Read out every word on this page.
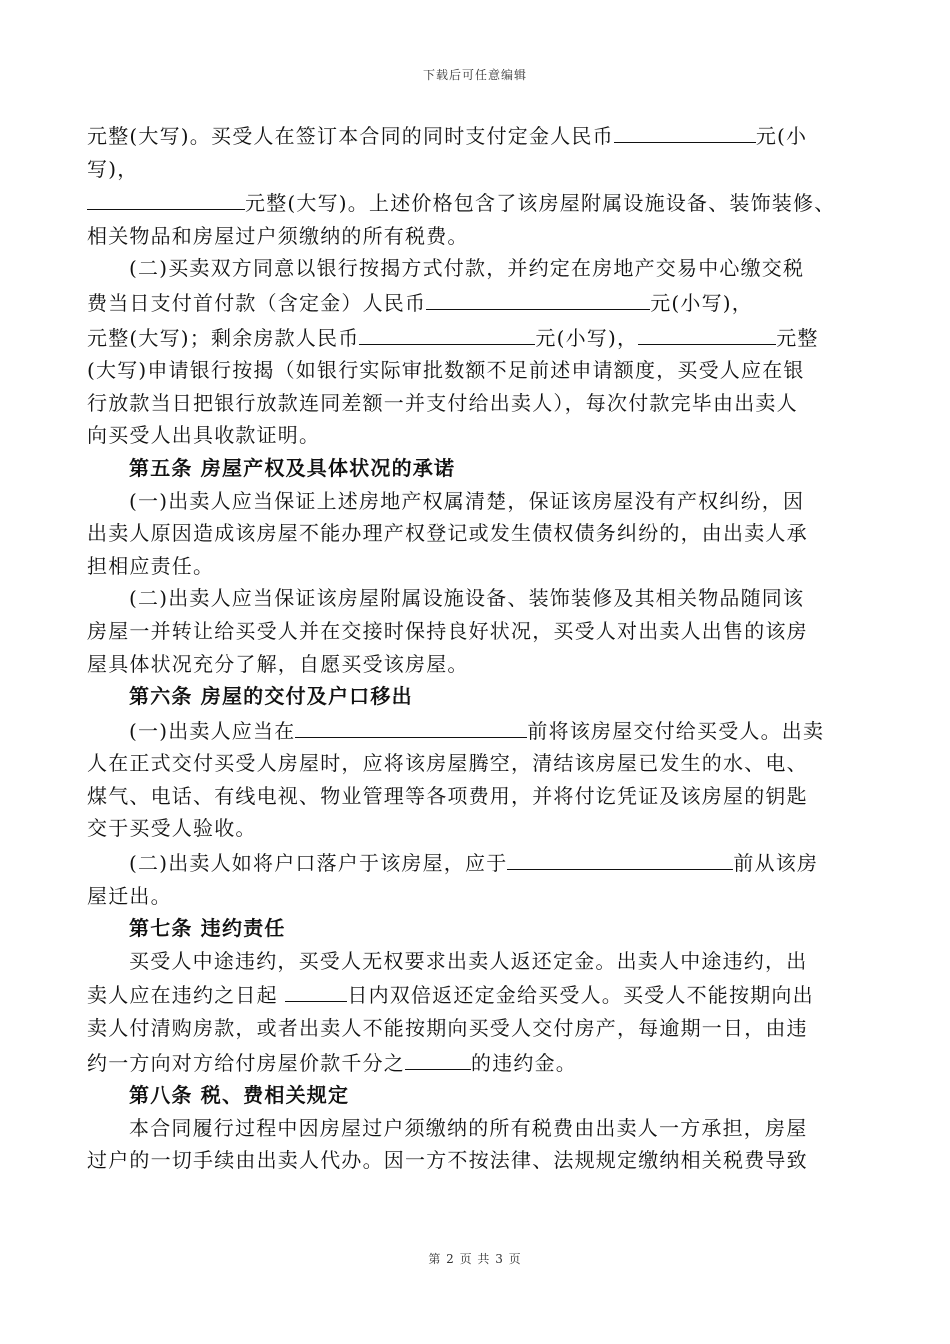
下载后可任意编辑
元整(大写)。买受人在签订本合同的同时支付定金人民币	元(小
写)，
元整(大写)。上述价格包含了该房屋附属设施设备、装饰装修、
相关物品和房屋过户须缴纳的所有税费。
(二)买卖双方同意以银行按揭方式付款，并约定在房地产交易中心缴交税
费当日支付首付款（含定金）人民币	元(小写)，
元整(大写)；剩余房款人民币	元(小写)，	元整
(大写)申请银行按揭（如银行实际审批数额不足前述申请额度，买受人应在银
行放款当日把银行放款连同差额一并支付给出卖人），每次付款完毕由出卖人
向买受人出具收款证明。
第五条 房屋产权及具体状况的承诺
(一)出卖人应当保证上述房地产权属清楚，保证该房屋没有产权纠纷，因
出卖人原因造成该房屋不能办理产权登记或发生债权债务纠纷的，由出卖人承
担相应责任。
(二)出卖人应当保证该房屋附属设施设备、装饰装修及其相关物品随同该
房屋一并转让给买受人并在交接时保持良好状况，买受人对出卖人出售的该房
屋具体状况充分了解，自愿买受该房屋。
第六条 房屋的交付及户口移出
(一)出卖人应当在	前将该房屋交付给买受人。出卖
人在正式交付买受人房屋时，应将该房屋腾空，清结该房屋已发生的水、电、
煤气、电话、有线电视、物业管理等各项费用，并将付讫凭证及该房屋的钥匙
交于买受人验收。
(二)出卖人如将户口落户于该房屋，应于	前从该房
屋迁出。
第七条 违约责任
买受人中途违约，买受人无权要求出卖人返还定金。出卖人中途违约，出
卖人应在违约之日起	日内双倍返还定金给买受人。买受人不能按期向出
卖人付清购房款，或者出卖人不能按期向买受人交付房产，每逾期一日，由违
约一方向对方给付房屋价款千分之	的违约金。
第八条 税、费相关规定
本合同履行过程中因房屋过户须缴纳的所有税费由出卖人一方承担，房屋
过户的一切手续由出卖人代办。因一方不按法律、法规规定缴纳相关税费导致
第 2 页 共 3 页
